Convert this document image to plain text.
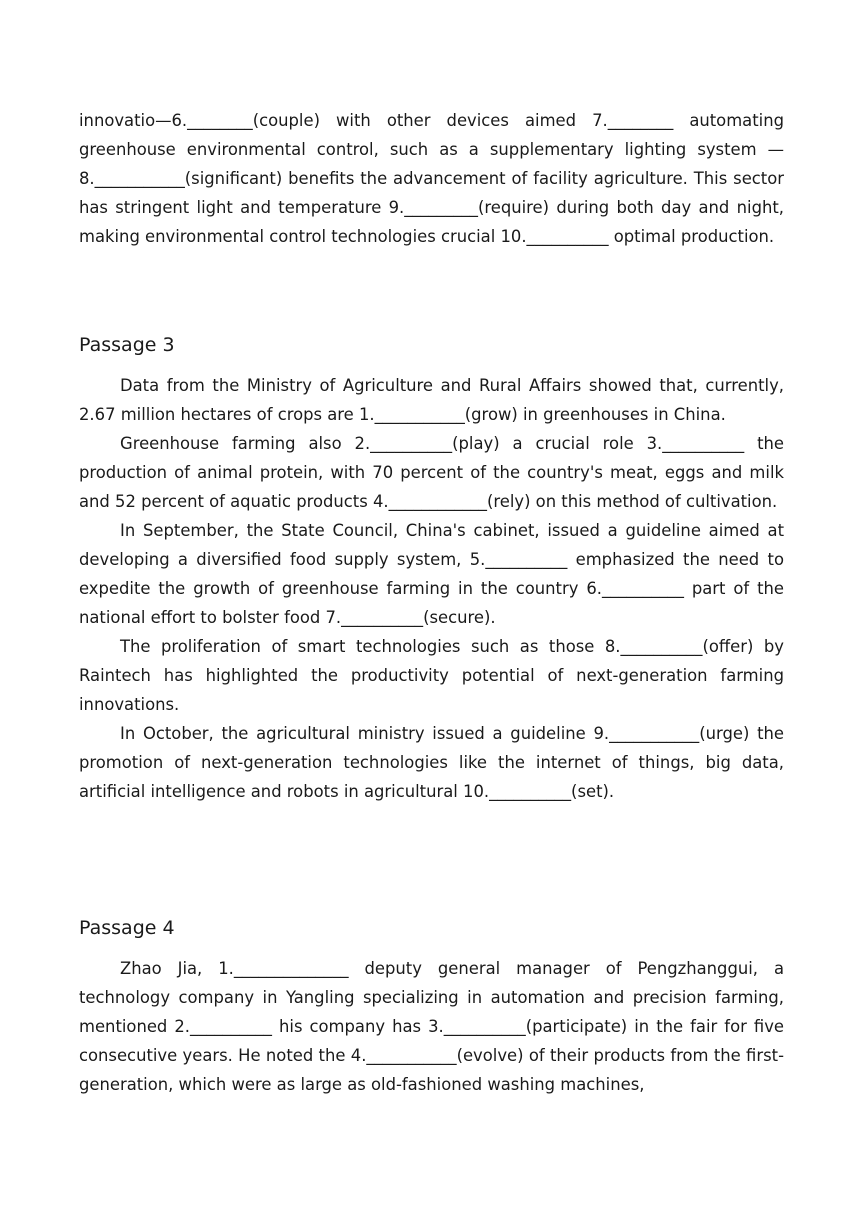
innovatio—6.________(couple) with other devices aimed 7.________ automating greenhouse environmental control, such as a supplementary lighting system — 8.___________(significant) benefits the advancement of facility agriculture. This sector has stringent light and temperature 9._________(require) during both day and night, making environmental control technologies crucial 10.__________ optimal production.

Passage 3

Data from the Ministry of Agriculture and Rural Affairs showed that, currently, 2.67 million hectares of crops are 1.___________(grow) in greenhouses in China.

Greenhouse farming also 2.__________(play) a crucial role 3.__________ the production of animal protein, with 70 percent of the country's meat, eggs and milk and 52 percent of aquatic products 4.____________(rely) on this method of cultivation.

In September, the State Council, China's cabinet, issued a guideline aimed at developing a diversified food supply system, 5.__________ emphasized the need to expedite the growth of greenhouse farming in the country 6.__________ part of the national effort to bolster food 7.__________(secure).

The proliferation of smart technologies such as those 8.__________(offer) by Raintech has highlighted the productivity potential of next-generation farming innovations.

In October, the agricultural ministry issued a guideline 9.___________(urge) the promotion of next-generation technologies like the internet of things, big data, artificial intelligence and robots in agricultural 10.__________(set).

Passage 4

Zhao Jia, 1.______________ deputy general manager of Pengzhanggui, a technology company in Yangling specializing in automation and precision farming, mentioned 2.__________ his company has 3.__________(participate) in the fair for five consecutive years. He noted the 4.___________(evolve) of their products from the first-generation, which were as large as old-fashioned washing machines,
